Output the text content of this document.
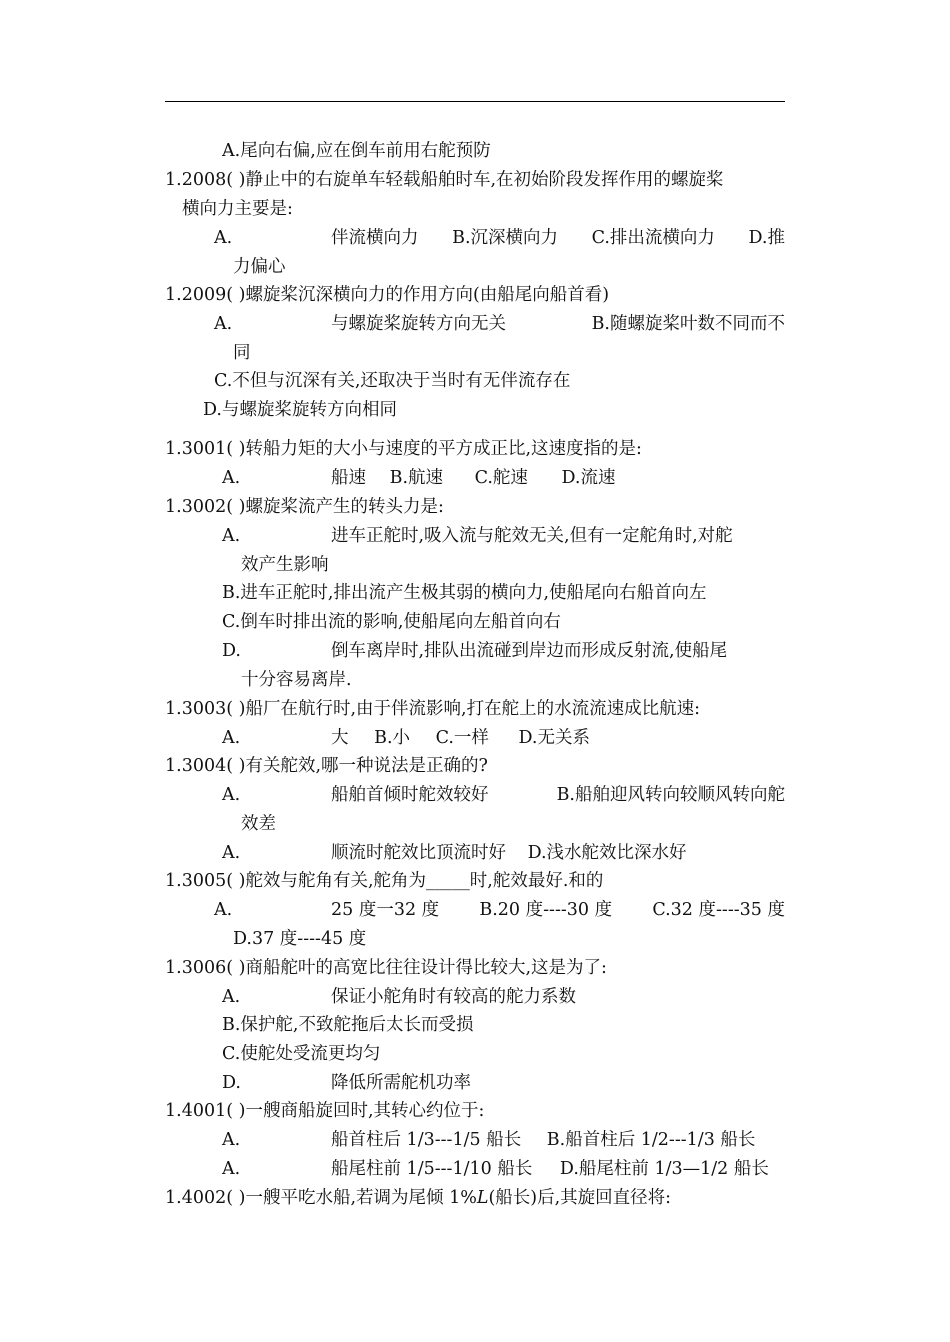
A.尾向右偏,应在倒车前用右舵预防
1.2008( )静止中的右旋单车轻载船舶时车,在初始阶段发挥作用的螺旋桨
横向力主要是:
A.	伴流横向力 B.沉深横向力 C.排出流横向力 D.推
力偏心
1.2009( )螺旋桨沉深横向力的作用方向(由船尾向船首看)
A.	与螺旋桨旋转方向无关	B.随螺旋桨叶数不同而不
同
C.不但与沉深有关,还取决于当时有无伴流存在
D.与螺旋桨旋转方向相同
1.3001( )转船力矩的大小与速度的平方成正比,这速度指的是:
A.	船速 B.航速 C.舵速 D.流速
1.3002( )螺旋桨流产生的转头力是:
A.	进车正舵时,吸入流与舵效无关,但有一定舵角时,对舵
效产生影响
B.进车正舵时,排出流产生极其弱的横向力,使船尾向右船首向左
C.倒车时排出流的影响,使船尾向左船首向右
D.	倒车离岸时,排队出流碰到岸边而形成反射流,使船尾
十分容易离岸.
1.3003( )船厂在航行时,由于伴流影响,打在舵上的水流流速成比航速:
A.	大 B.小 C.一样 D.无关系
1.3004( )有关舵效,哪一种说法是正确的?
A.	船舶首倾时舵效较好	B.船舶迎风转向较顺风转向舵
效差
A.	顺流时舵效比顶流时好 D.浅水舵效比深水好
1.3005( )舵效与舵角有关,舵角为_____时,舵效最好.和的
A.	25 度一32 度 B.20 度----30 度 C.32 度----35 度
D.37 度----45 度
1.3006( )商船舵叶的高宽比往往设计得比较大,这是为了:
A.	保证小舵角时有较高的舵力系数
B.保护舵,不致舵拖后太长而受损
C.使舵处受流更均匀
D.	降低所需舵机功率
1.4001( )一艘商船旋回时,其转心约位于:
A.	船首柱后 1/3---1/5 船长 B.船首柱后 1/2---1/3 船长
A.	船尾柱前 1/5---1/10 船长 D.船尾柱前 1/3—1/2 船长
1.4002( )一艘平吃水船,若调为尾倾 1%L(船长)后,其旋回直径将:
